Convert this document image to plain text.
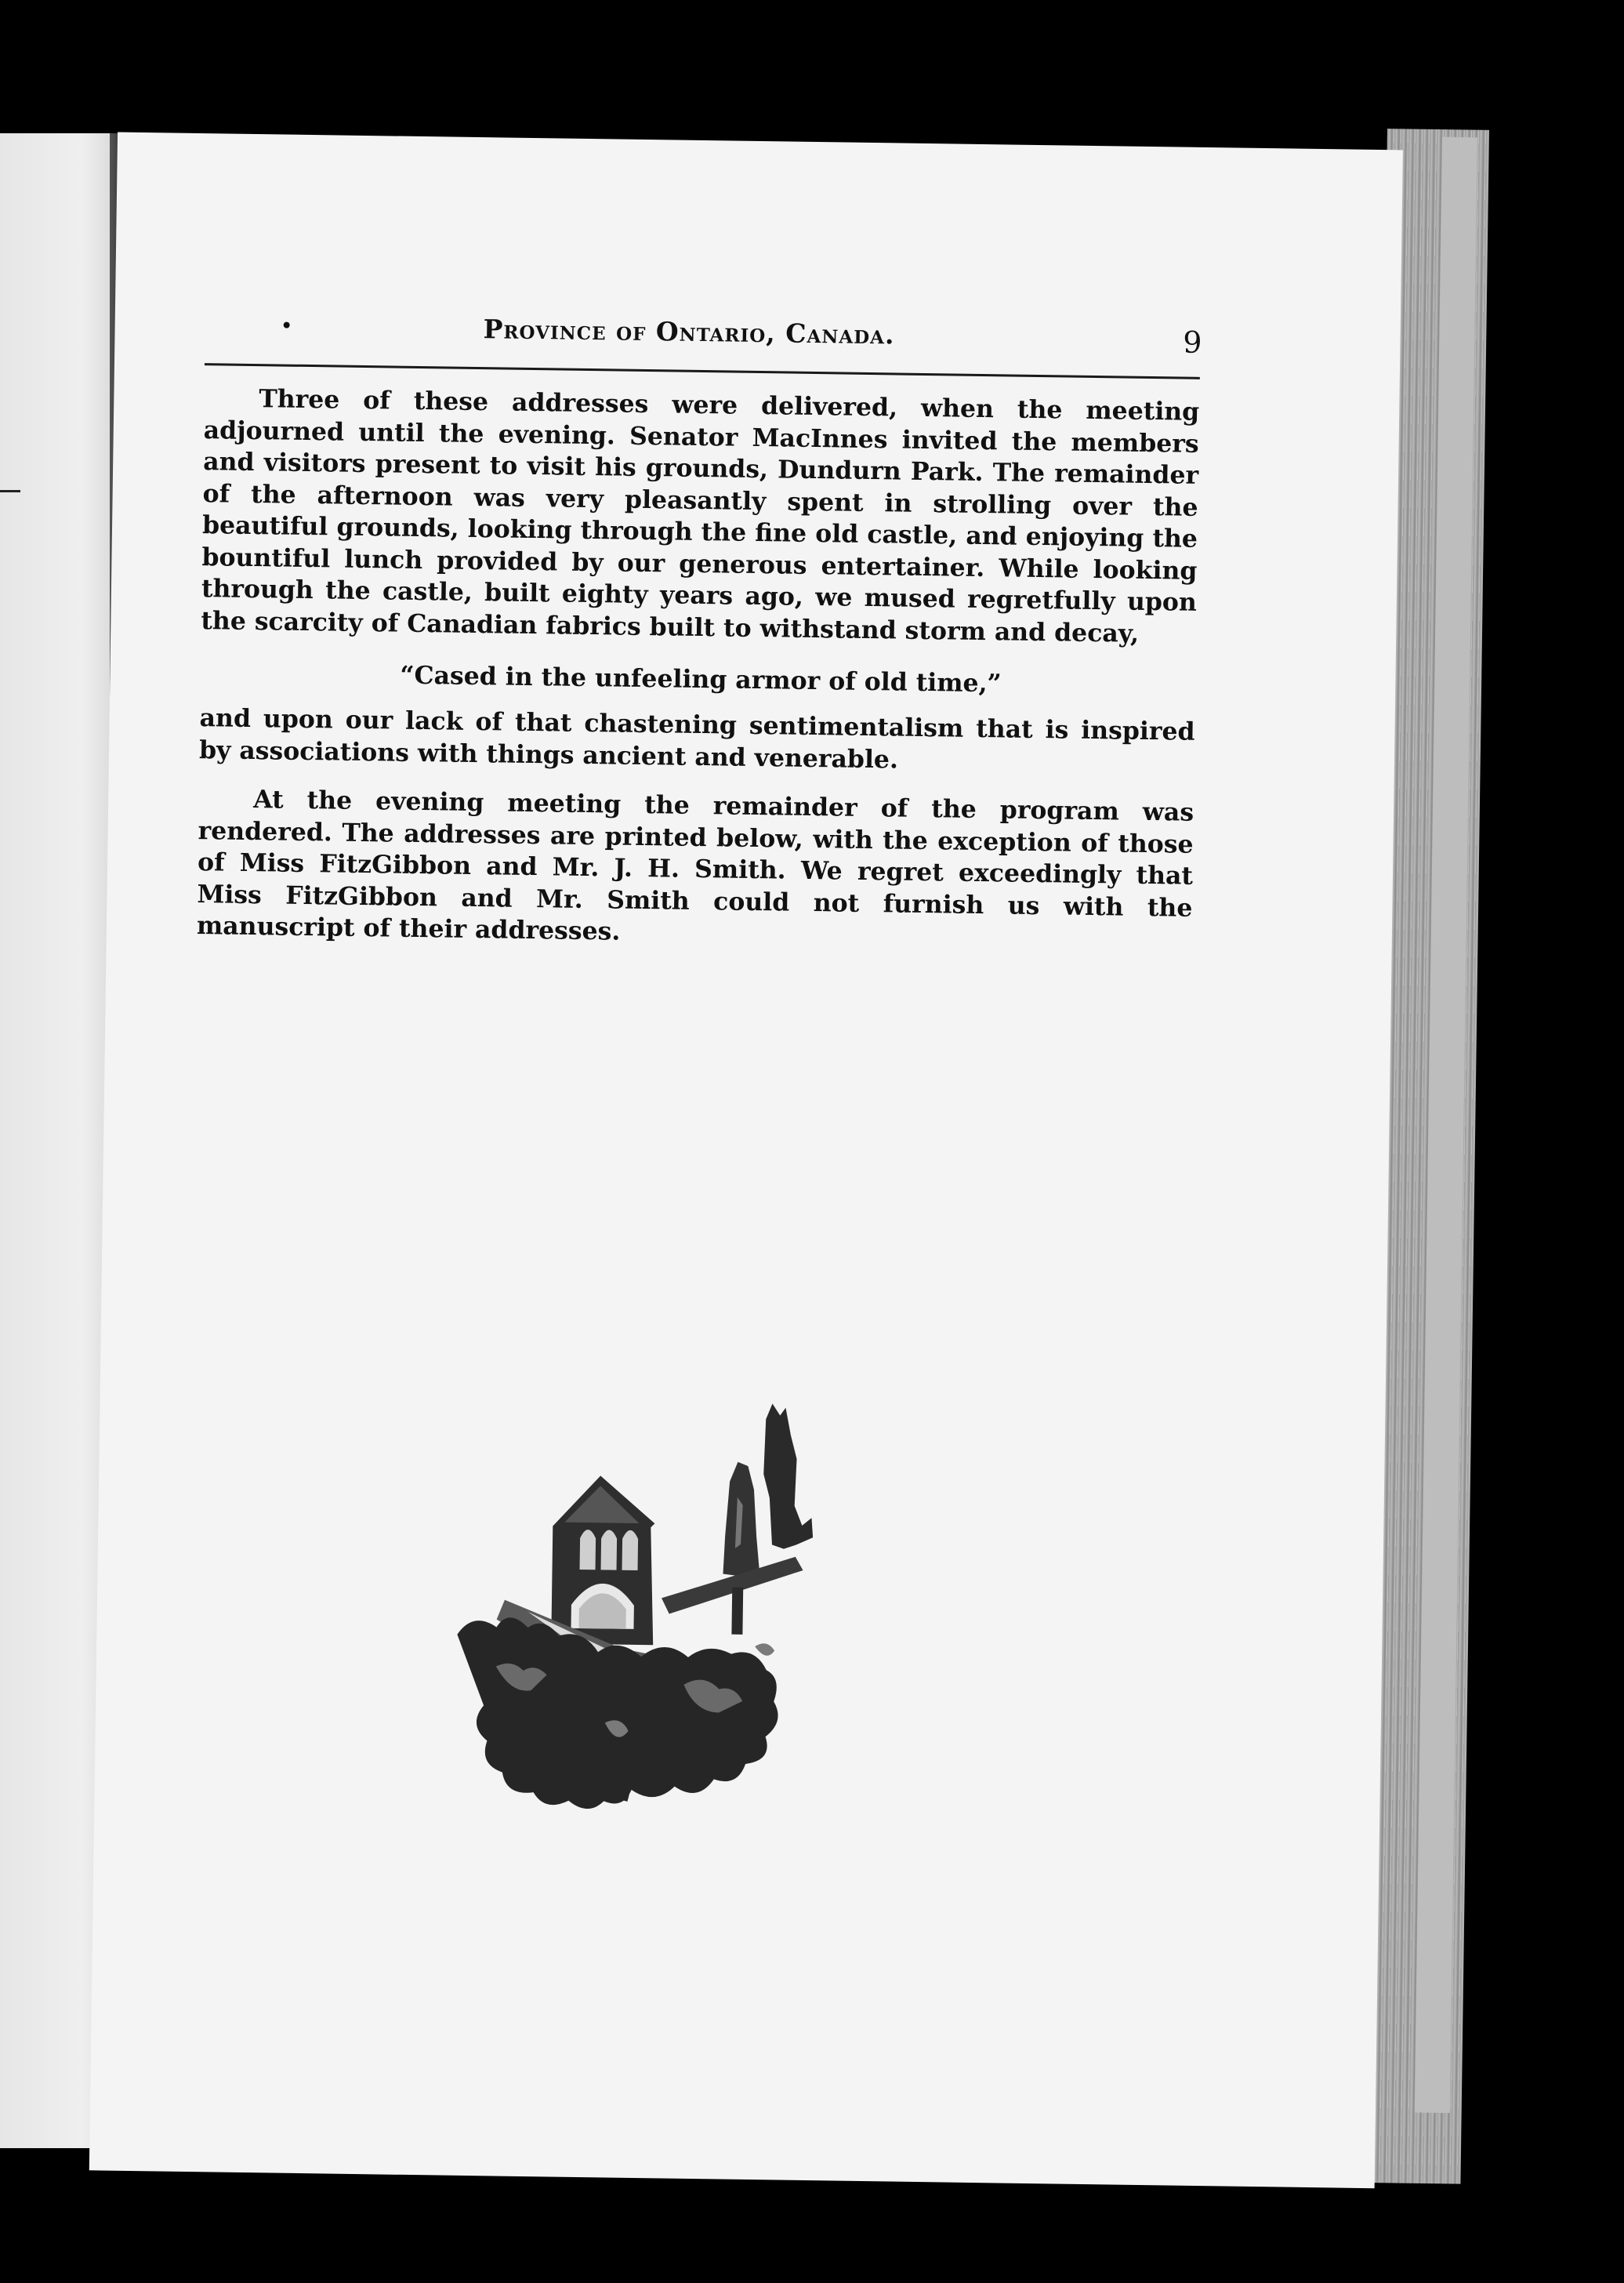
Province of Ontario, Canada.	9

Three of these addresses were delivered, when the meeting adjourned until the evening. Senator MacInnes invited the members and visitors present to visit his grounds, Dundurn Park. The remainder of the afternoon was very pleasantly spent in strolling over the beautiful grounds, looking through the fine old castle, and enjoying the bountiful lunch provided by our generous entertainer. While looking through the castle, built eighty years ago, we mused regretfully upon the scarcity of Canadian fabrics built to withstand storm and decay,

“Cased in the unfeeling armor of old time,”

and upon our lack of that chastening sentimentalism that is inspired by associations with things ancient and venerable.

At the evening meeting the remainder of the program was rendered. The addresses are printed below, with the exception of those of Miss FitzGibbon and Mr. J. H. Smith. We regret exceedingly that Miss FitzGibbon and Mr. Smith could not furnish us with the manuscript of their addresses.
